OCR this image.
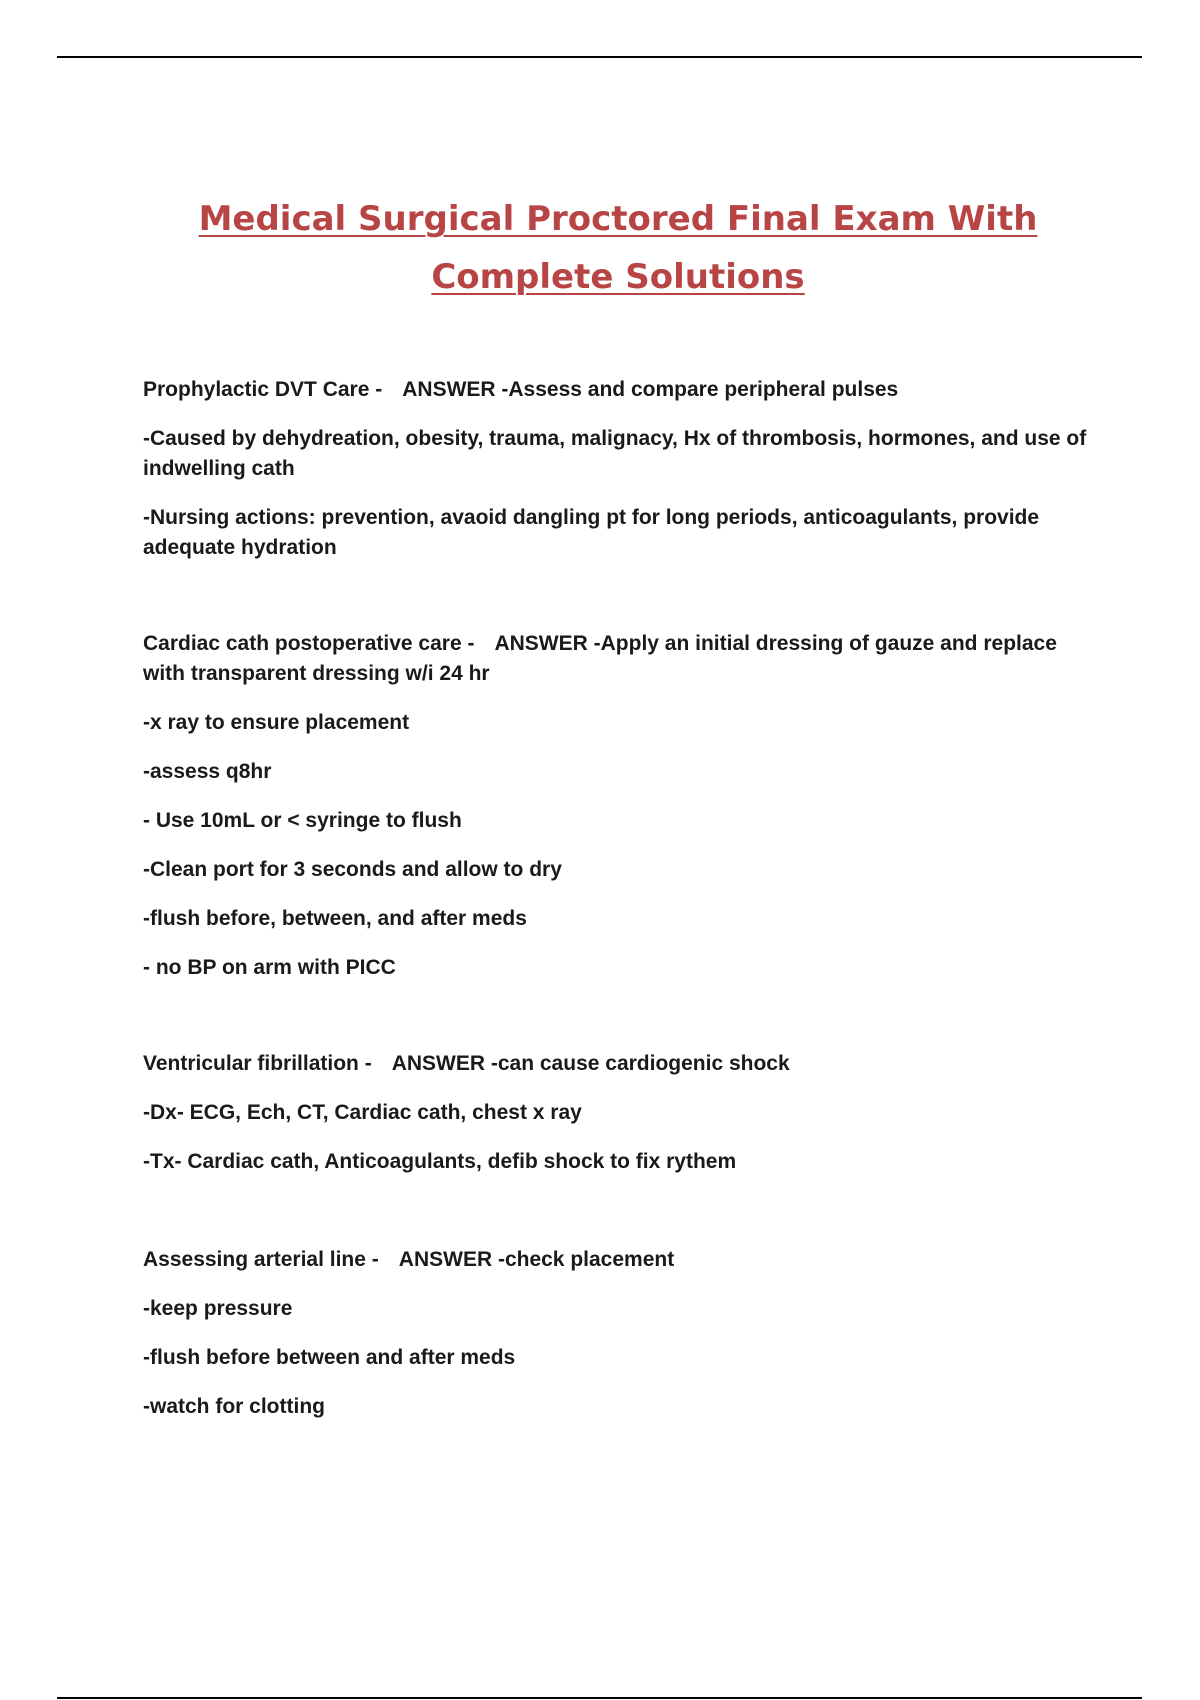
Medical Surgical Proctored Final Exam With
Complete Solutions

Prophylactic DVT Care - ANSWER -Assess and compare peripheral pulses

-Caused by dehydreation, obesity, trauma, malignacy, Hx of thrombosis, hormones, and use of indwelling cath

-Nursing actions: prevention, avaoid dangling pt for long periods, anticoagulants, provide adequate hydration

Cardiac cath postoperative care - ANSWER -Apply an initial dressing of gauze and replace with transparent dressing w/i 24 hr

-x ray to ensure placement

-assess q8hr

- Use 10mL or < syringe to flush

-Clean port for 3 seconds and allow to dry

-flush before, between, and after meds

- no BP on arm with PICC

Ventricular fibrillation - ANSWER -can cause cardiogenic shock

-Dx- ECG, Ech, CT, Cardiac cath, chest x ray

-Tx- Cardiac cath, Anticoagulants, defib shock to fix rythem

Assessing arterial line - ANSWER -check placement

-keep pressure

-flush before between and after meds

-watch for clotting
